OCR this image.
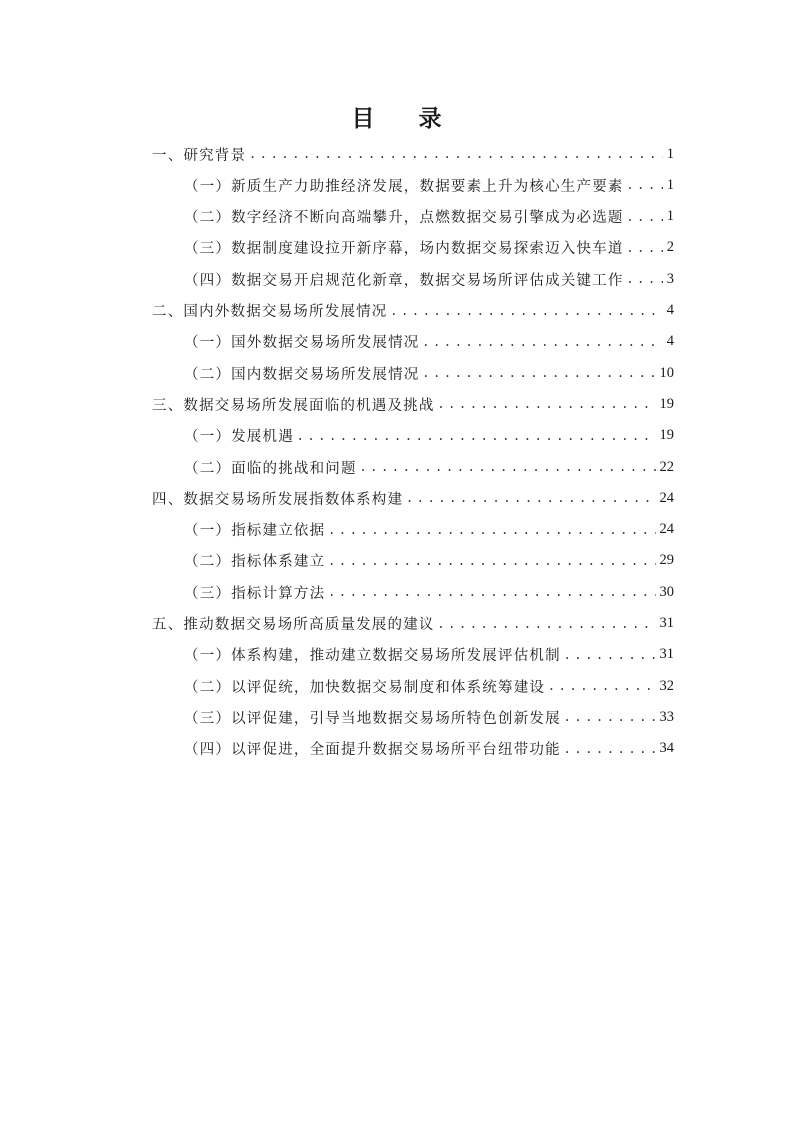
目 录
一、研究背景 . . .	1
（一）新质生产力助推经济发展，数据要素上升为核心生产要素 . . .	1
（二）数字经济不断向高端攀升，点燃数据交易引擎成为必选题 . . .	1
（三）数据制度建设拉开新序幕，场内数据交易探索迈入快车道 . . .	2
（四）数据交易开启规范化新章，数据交易场所评估成关键工作 . . .	3
二、国内外数据交易场所发展情况 . . .	4
（一）国外数据交易场所发展情况 . . .	4
（二）国内数据交易场所发展情况 . . .	10
三、数据交易场所发展面临的机遇及挑战 . . .	19
（一）发展机遇 . . .	19
（二）面临的挑战和问题 . . .	22
四、数据交易场所发展指数体系构建 . . .	24
（一）指标建立依据 . . .	24
（二）指标体系建立 . . .	29
（三）指标计算方法 . . .	30
五、推动数据交易场所高质量发展的建议 . . .	31
（一）体系构建，推动建立数据交易场所发展评估机制 . . .	31
（二）以评促统，加快数据交易制度和体系统筹建设 . . .	32
（三）以评促建，引导当地数据交易场所特色创新发展 . . .	33
（四）以评促进，全面提升数据交易场所平台纽带功能 . . .	34
